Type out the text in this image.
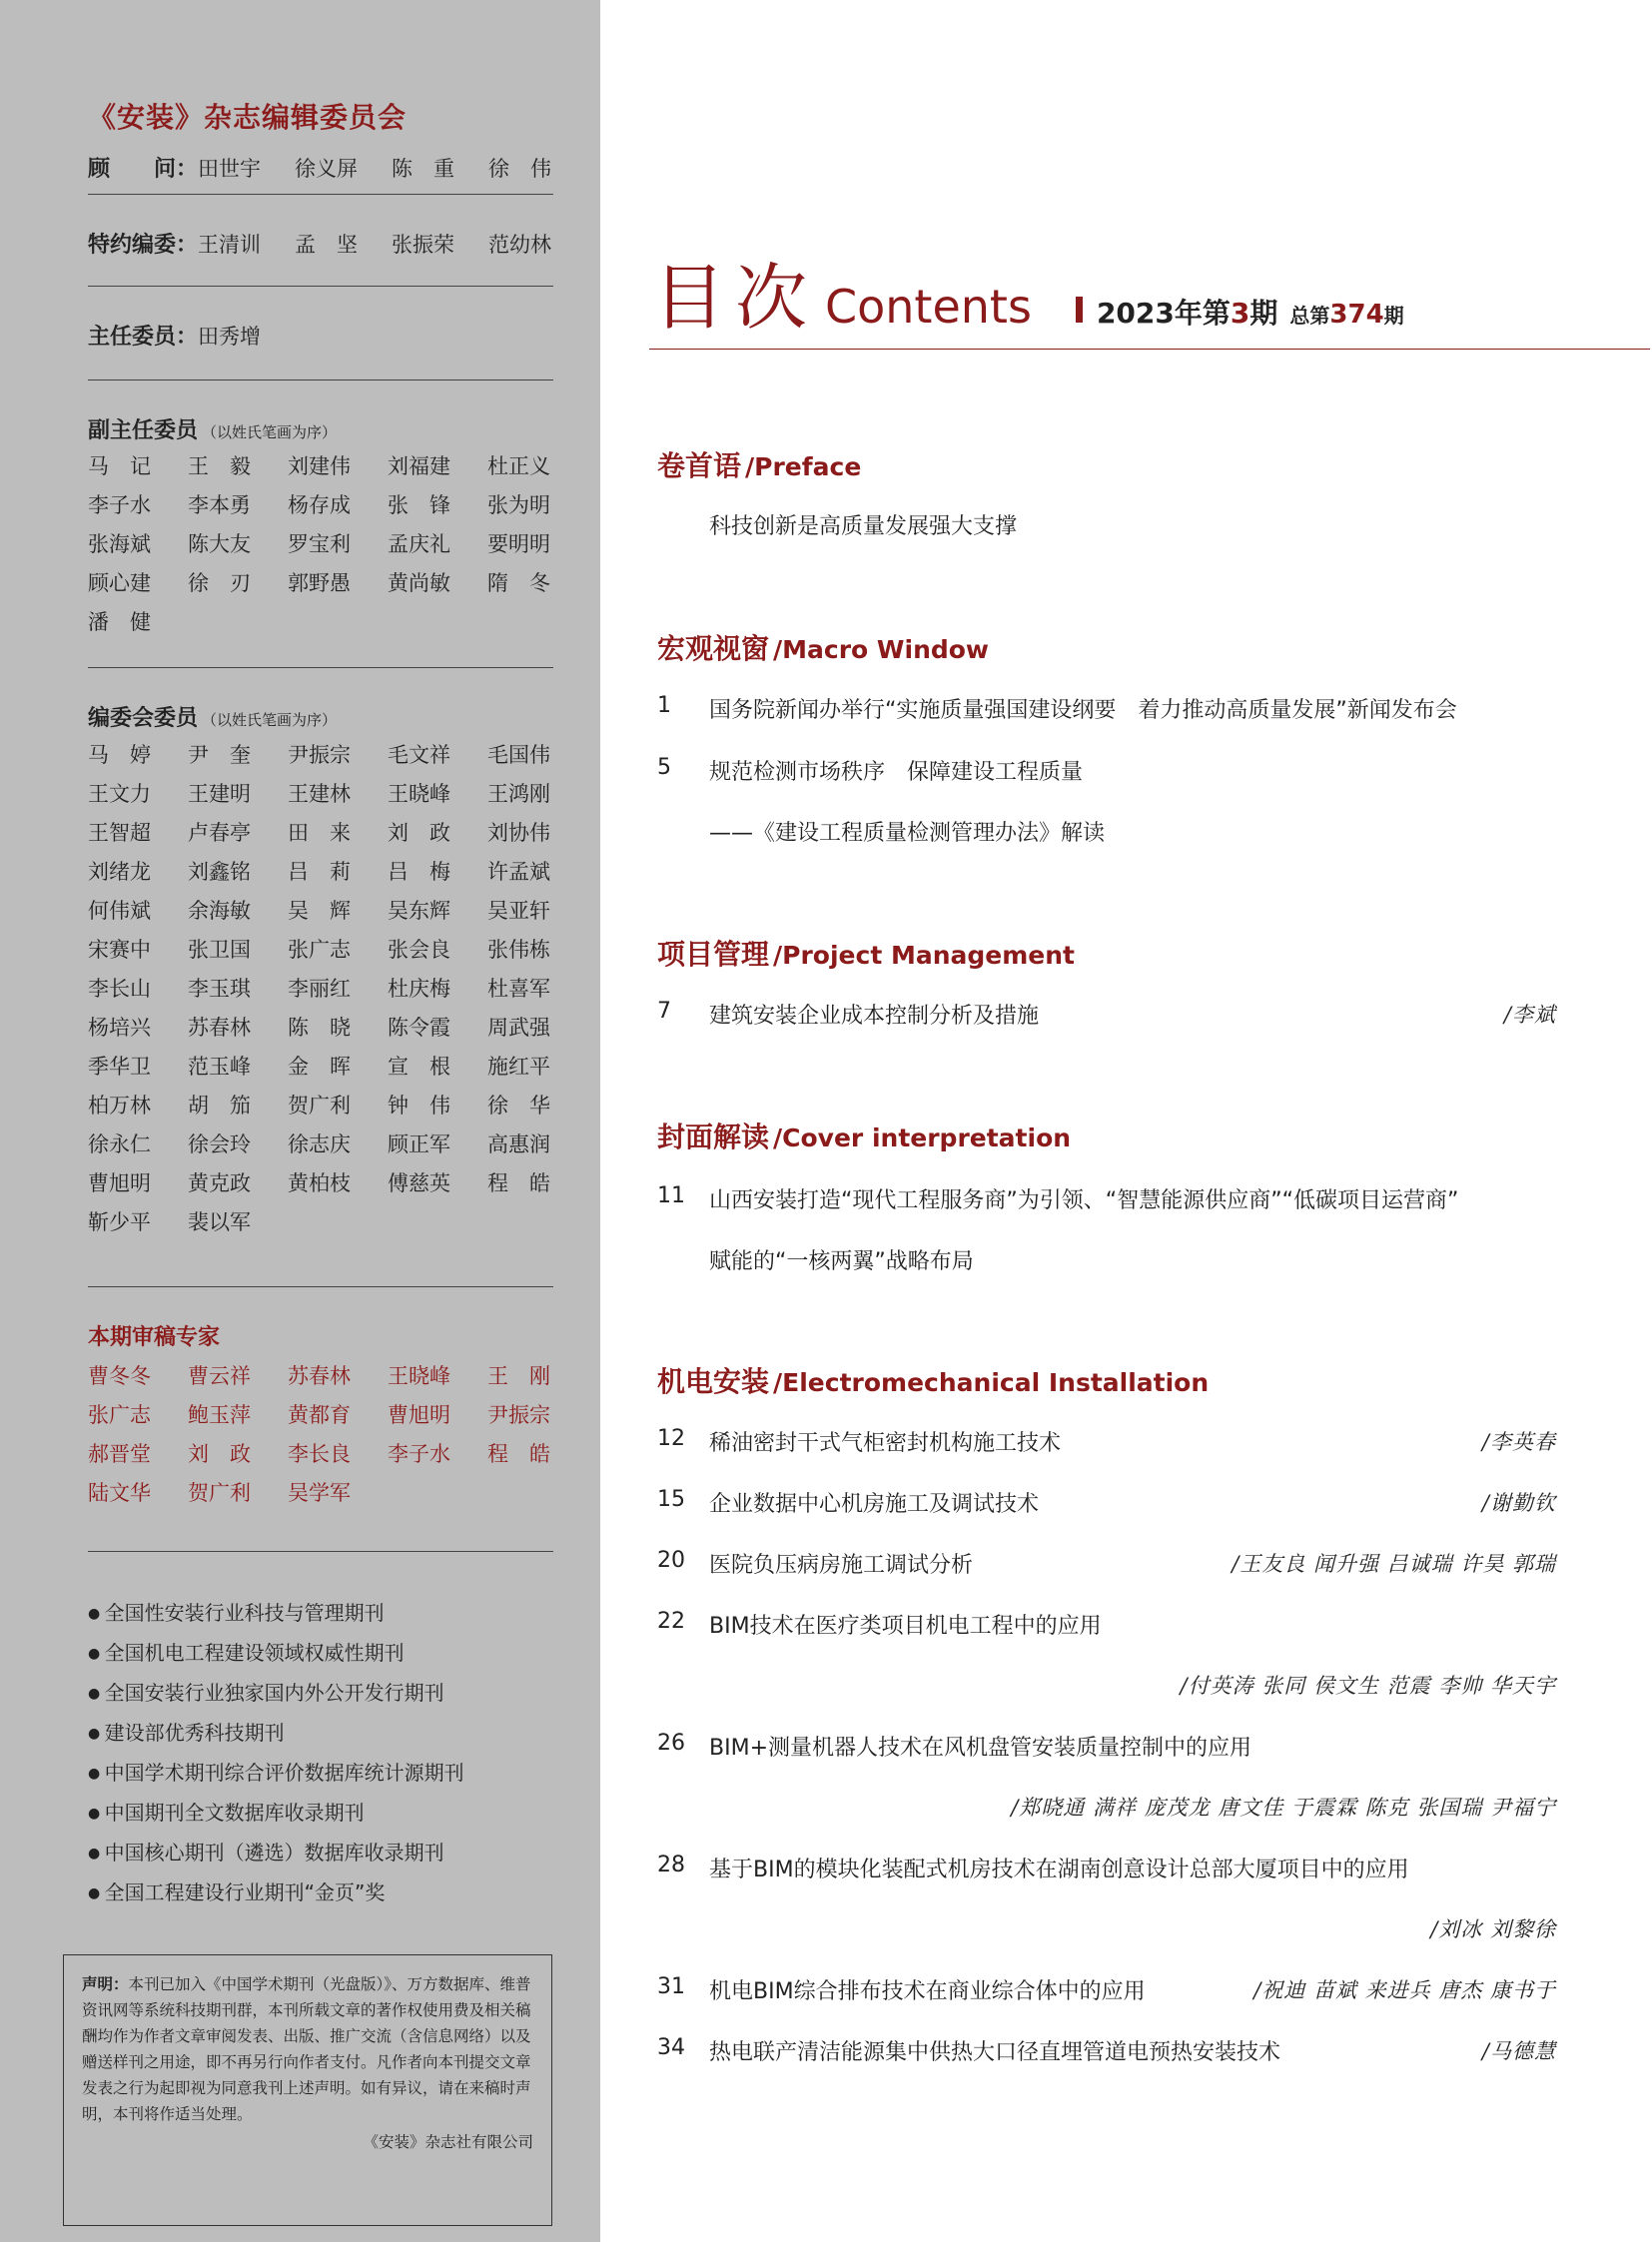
《安装》杂志编辑委员会
顾　　问： 田世宇 徐义屏 陈　重 徐　伟
特约编委： 王清训 孟　坚 张振荣 范幼林
主任委员： 田秀增
副主任委员 （以姓氏笔画为序）
马　记	王　毅	刘建伟	刘福建	杜正义
李子水	李本勇	杨存成	张　锋	张为明
张海斌	陈大友	罗宝利	孟庆礼	要明明
顾心建	徐　刃	郭野愚	黄尚敏	隋　冬
潘　健
编委会委员 （以姓氏笔画为序）
马　婷	尹　奎	尹振宗	毛文祥	毛国伟
王文力	王建明	王建林	王晓峰	王鸿刚
王智超	卢春亭	田　来	刘　政	刘协伟
刘绪龙	刘鑫铭	吕　莉	吕　梅	许孟斌
何伟斌	余海敏	吴　辉	吴东辉	吴亚轩
宋赛中	张卫国	张广志	张会良	张伟栋
李长山	李玉琪	李丽红	杜庆梅	杜喜军
杨培兴	苏春林	陈　晓	陈令霞	周武强
季华卫	范玉峰	金　晖	宣　根	施红平
柏万林	胡　笳	贺广利	钟　伟	徐　华
徐永仁	徐会玲	徐志庆	顾正军	高惠润
曹旭明	黄克政	黄柏枝	傅慈英	程　皓
靳少平	裴以军
本期审稿专家
曹冬冬	曹云祥	苏春林	王晓峰	王　刚
张广志	鲍玉萍	黄都育	曹旭明	尹振宗
郝晋堂	刘　政	李长良	李子水	程　皓
陆文华	贺广利	吴学军
● 全国性安装行业科技与管理期刊
● 全国机电工程建设领域权威性期刊
● 全国安装行业独家国内外公开发行期刊
● 建设部优秀科技期刊
● 中国学术期刊综合评价数据库统计源期刊
● 中国期刊全文数据库收录期刊
● 中国核心期刊（遴选）数据库收录期刊
● 全国工程建设行业期刊“金页”奖
声明：本刊已加入《中国学术期刊（光盘版）》、万方数据库、维普资讯网等系统科技期刊群，本刊所载文章的著作权使用费及相关稿酬均作为作者文章审阅发表、出版、推广交流（含信息网络）以及赠送样刊之用途，即不再另行向作者支付。凡作者向本刊提交文章发表之行为起即视为同意我刊上述声明。如有异议，请在来稿时声明，本刊将作适当处理。
《安装》杂志社有限公司
目次 Contents 2023年第3期 总第374期
卷首语 /Preface
科技创新是高质量发展强大支撑
宏观视窗 /Macro Window
1	国务院新闻办举行“实施质量强国建设纲要　着力推动高质量发展”新闻发布会
5	规范检测市场秩序　保障建设工程质量
——《建设工程质量检测管理办法》解读
项目管理 /Project Management
7	建筑安装企业成本控制分析及措施	/李斌
封面解读 /Cover interpretation
11	山西安装打造“现代工程服务商”为引领、“智慧能源供应商”“低碳项目运营商”
赋能的“一核两翼”战略布局
机电安装 /Electromechanical Installation
12	稀油密封干式气柜密封机构施工技术	/李英春
15	企业数据中心机房施工及调试技术	/谢勤钦
20	医院负压病房施工调试分析	/王友良 闻升强 吕诚瑞 许昊 郭瑞
22	BIM技术在医疗类项目机电工程中的应用
/付英涛 张同 侯文生 范震 李帅 华天宇
26	BIM+测量机器人技术在风机盘管安装质量控制中的应用
/郑晓通 满祥 庞茂龙 唐文佳 于震霖 陈克 张国瑞 尹福宁
28	基于BIM的模块化装配式机房技术在湖南创意设计总部大厦项目中的应用
/刘冰 刘黎徐
31	机电BIM综合排布技术在商业综合体中的应用	/祝迪 苗斌 来进兵 唐杰 康书于
34	热电联产清洁能源集中供热大口径直埋管道电预热安装技术	/马德慧
